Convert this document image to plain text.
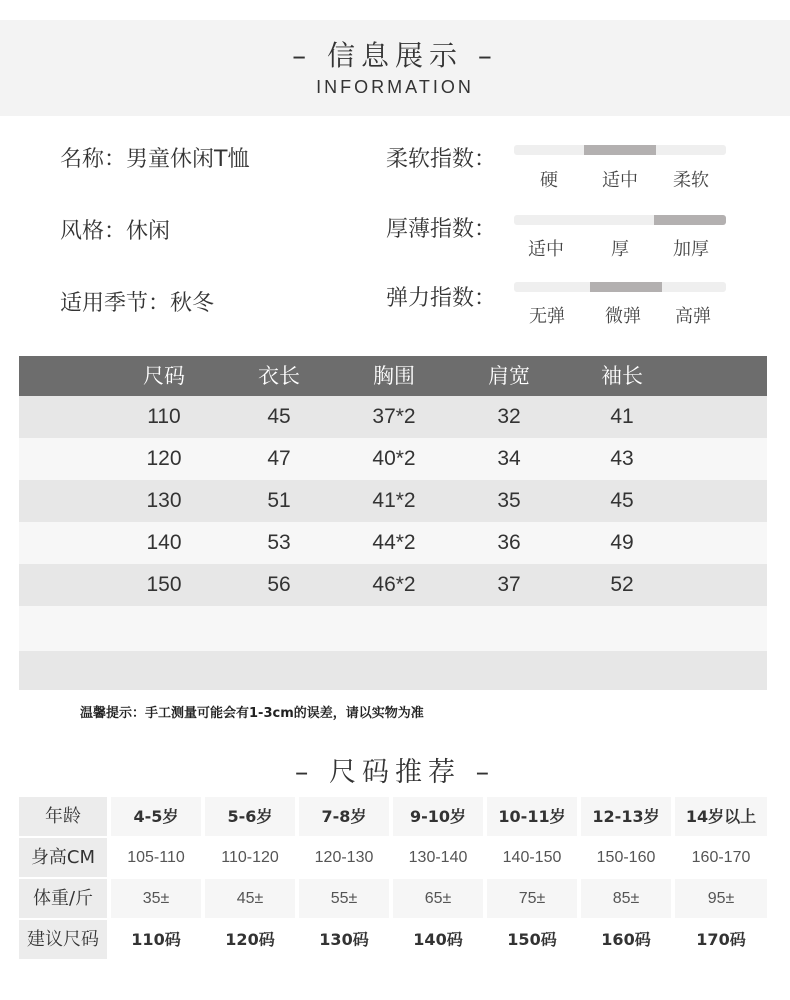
– 信息展示 –
INFORMATION
名称：男童休闲T恤
风格：休闲
适用季节：秋冬
柔软指数：
硬	适中	柔软
厚薄指数：
适中	厚	加厚
弹力指数：
无弹	微弹	高弹
尺码	衣长	胸围	肩宽	袖长
110	45	37*2	32	41
120	47	40*2	34	43
130	51	41*2	35	45
140	53	44*2	36	49
150	56	46*2	37	52
温馨提示：手工测量可能会有1-3cm的误差，请以实物为准
– 尺码推荐 –
年龄	4-5岁	5-6岁	7-8岁	9-10岁	10-11岁	12-13岁	14岁以上
身高CM	105-110	110-120	120-130	130-140	140-150	150-160	160-170
体重/斤	35±	45±	55±	65±	75±	85±	95±
建议尺码	110码	120码	130码	140码	150码	160码	170码
